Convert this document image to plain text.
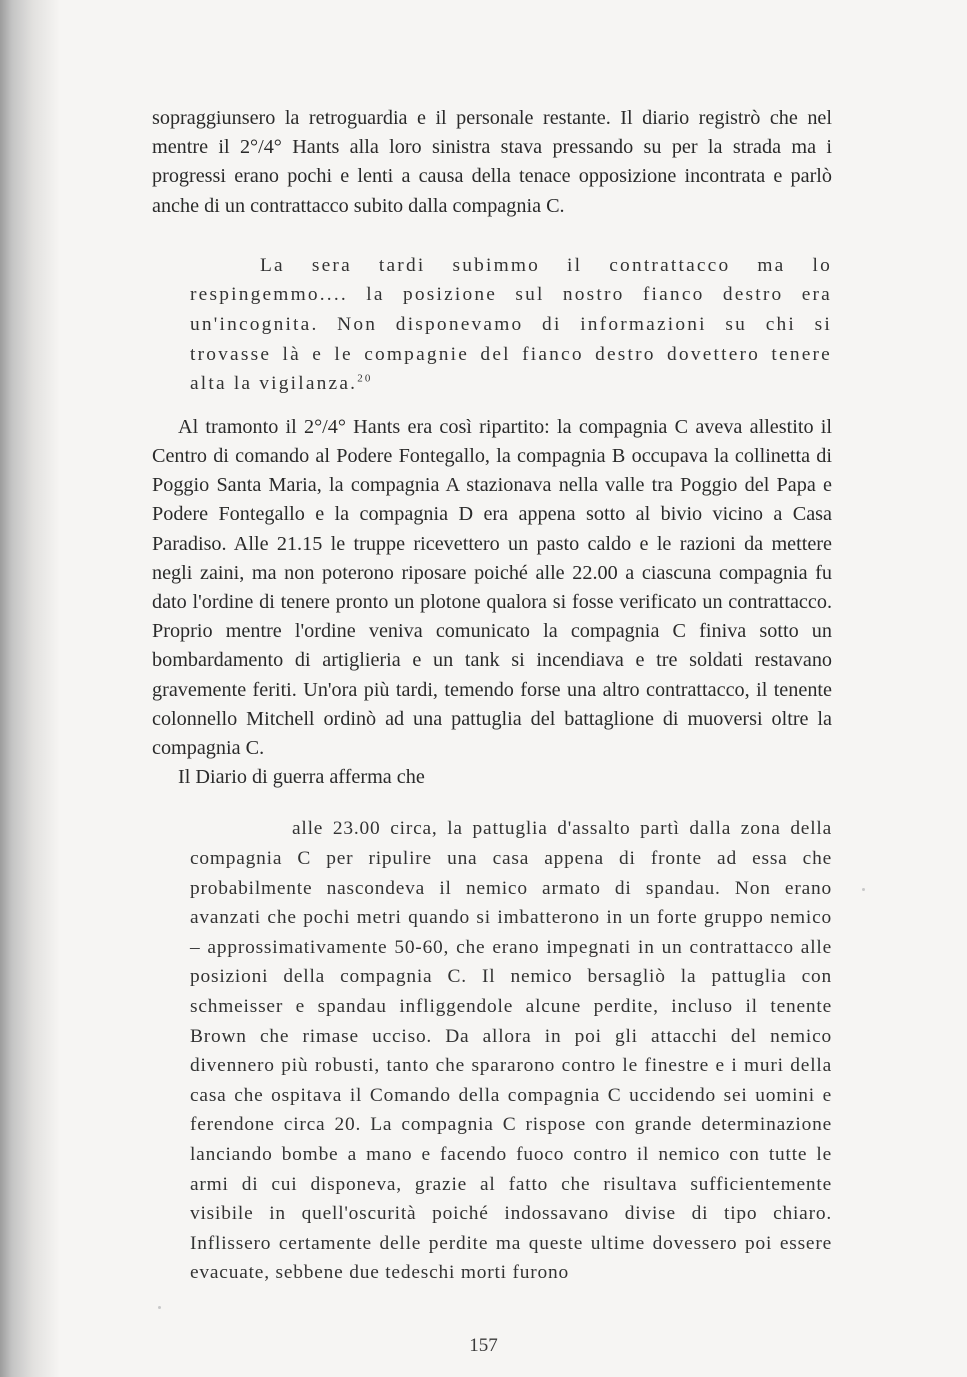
sopraggiunsero la retroguardia e il personale restante. Il diario registrò che nel mentre il 2°/4° Hants alla loro sinistra stava pressando su per la strada ma i progressi erano pochi e lenti a causa della tenace opposizione incontrata e parlò anche di un contrattacco subito dalla compagnia C.

La sera tardi subimmo il contrattacco ma lo respingemmo.... la posizione sul nostro fianco destro era un'incognita. Non disponevamo di informazioni su chi si trovasse là e le compagnie del fianco destro dovettero tenere alta la vigilanza.$^{20}$

Al tramonto il 2°/4° Hants era così ripartito: la compagnia C aveva allestito il Centro di comando al Podere Fontegallo, la compagnia B occupava la collinetta di Poggio Santa Maria, la compagnia A stazionava nella valle tra Poggio del Papa e Podere Fontegallo e la compagnia D era appena sotto al bivio vicino a Casa Paradiso. Alle 21.15 le truppe ricevettero un pasto caldo e le razioni da mettere negli zaini, ma non poterono riposare poiché alle 22.00 a ciascuna compagnia fu dato l'ordine di tenere pronto un plotone qualora si fosse verificato un contrattacco. Proprio mentre l'ordine veniva comunicato la compagnia C finiva sotto un bombardamento di artiglieria e un tank si incendiava e tre soldati restavano gravemente feriti. Un'ora più tardi, temendo forse una altro contrattacco, il tenente colonnello Mitchell ordinò ad una pattuglia del battaglione di muoversi oltre la compagnia C.

Il Diario di guerra afferma che

alle 23.00 circa, la pattuglia d'assalto partì dalla zona della compagnia C per ripulire una casa appena di fronte ad essa che probabilmente nascondeva il nemico armato di spandau. Non erano avanzati che pochi metri quando si imbatterono in un forte gruppo nemico – approssimativamente 50-60, che erano impegnati in un contrattacco alle posizioni della compagnia C. Il nemico bersagliò la pattuglia con schmeisser e spandau infliggendole alcune perdite, incluso il tenente Brown che rimase ucciso. Da allora in poi gli attacchi del nemico divennero più robusti, tanto che spararono contro le finestre e i muri della casa che ospitava il Comando della compagnia C uccidendo sei uomini e ferendone circa 20. La compagnia C rispose con grande determinazione lanciando bombe a mano e facendo fuoco contro il nemico con tutte le armi di cui disponeva, grazie al fatto che risultava sufficientemente visibile in quell'oscurità poiché indossavano divise di tipo chiaro. Inflissero certamente delle perdite ma queste ultime dovessero poi essere evacuate, sebbene due tedeschi morti furono

157
